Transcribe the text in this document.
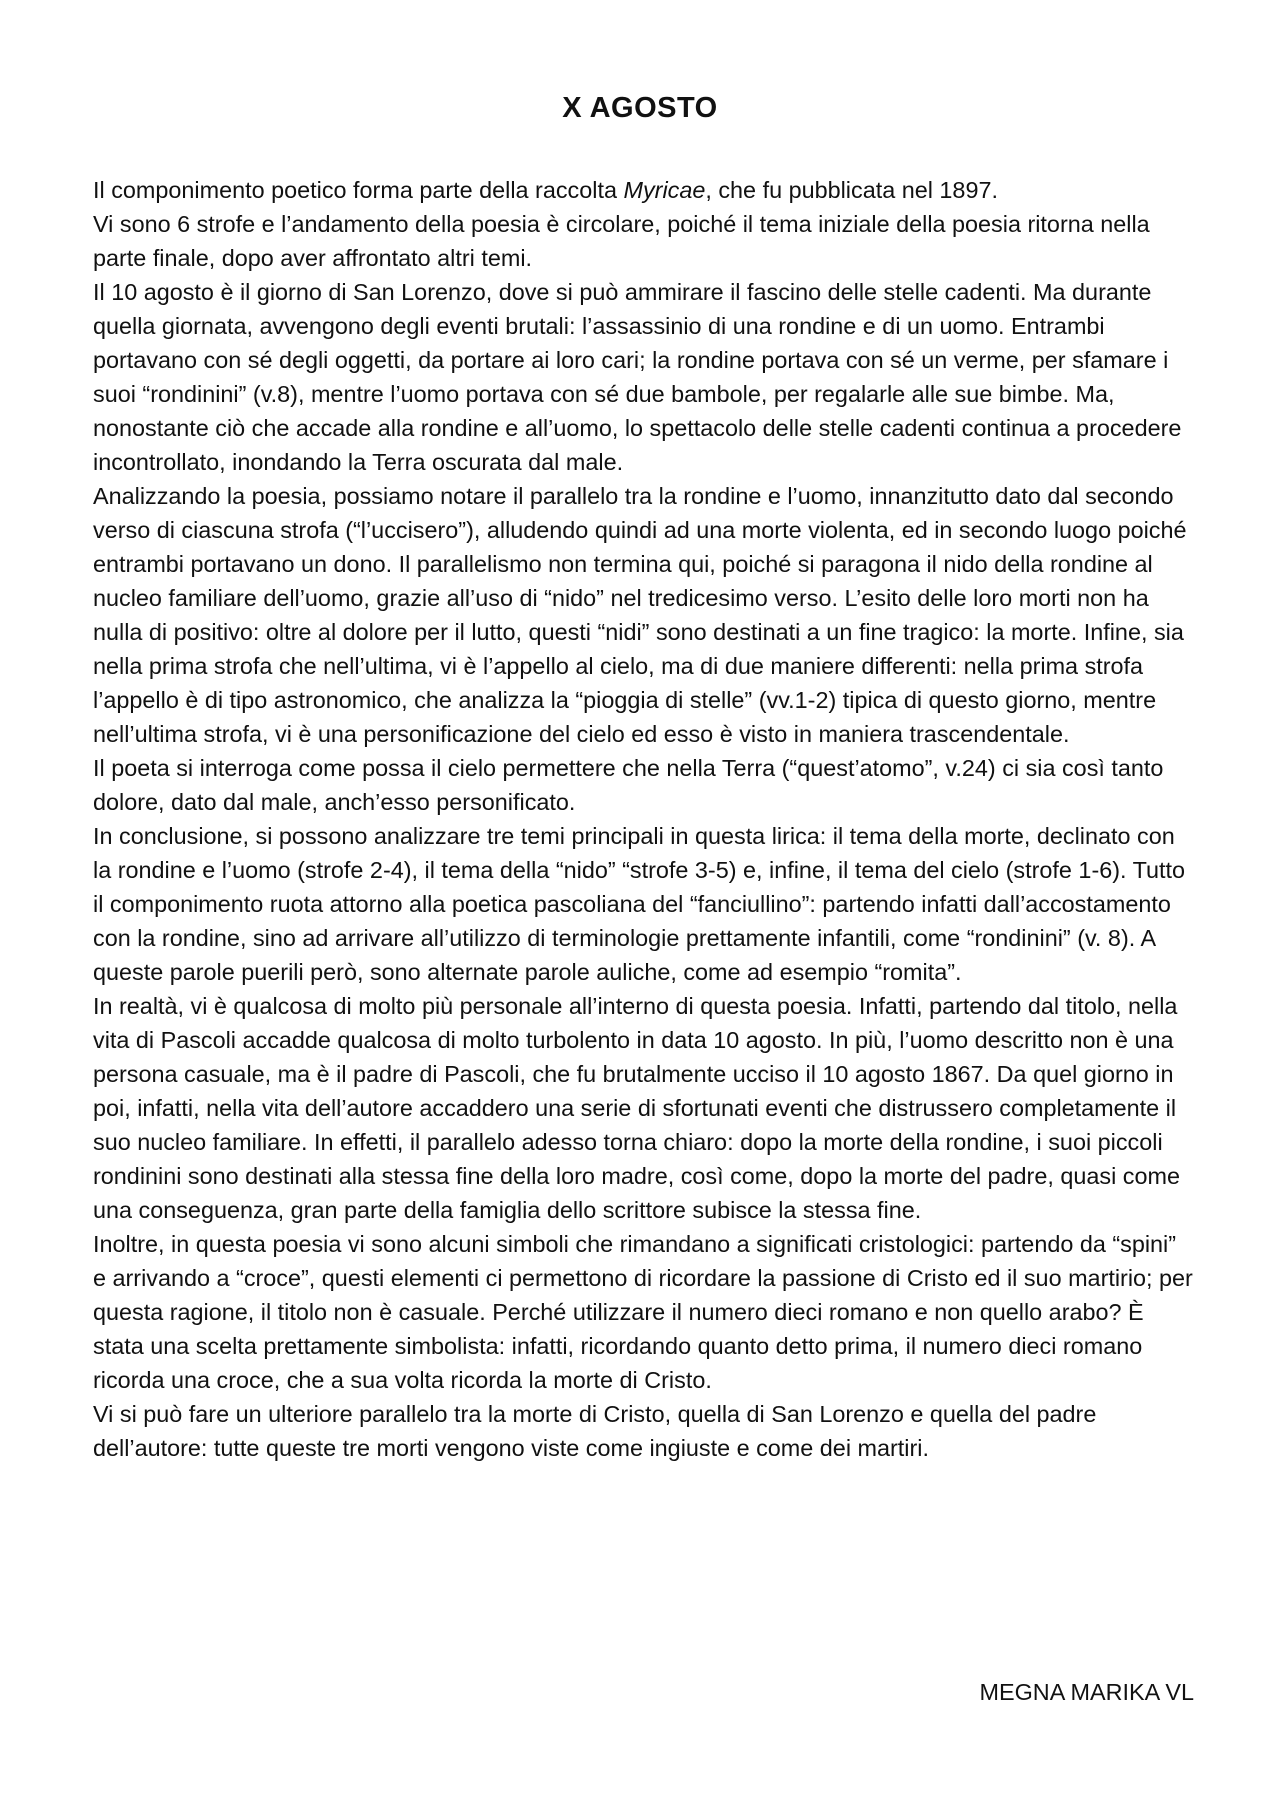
X AGOSTO

Il componimento poetico forma parte della raccolta Myricae, che fu pubblicata nel 1897.

Vi sono 6 strofe e l’andamento della poesia è circolare, poiché il tema iniziale della poesia ritorna nella parte finale, dopo aver affrontato altri temi.

Il 10 agosto è il giorno di San Lorenzo, dove si può ammirare il fascino delle stelle cadenti. Ma durante quella giornata, avvengono degli eventi brutali: l’assassinio di una rondine e di un uomo. Entrambi portavano con sé degli oggetti, da portare ai loro cari; la rondine portava con sé un verme, per sfamare i suoi “rondinini” (v.8), mentre l’uomo portava con sé due bambole, per regalarle alle sue bimbe. Ma, nonostante ciò che accade alla rondine e all’uomo, lo spettacolo delle stelle cadenti continua a procedere incontrollato, inondando la Terra oscurata dal male.

Analizzando la poesia, possiamo notare il parallelo tra la rondine e l’uomo, innanzitutto dato dal secondo verso di ciascuna strofa (“l’uccisero”), alludendo quindi ad una morte violenta, ed in secondo luogo poiché entrambi portavano un dono. Il parallelismo non termina qui, poiché si paragona il nido della rondine al nucleo familiare dell’uomo, grazie all’uso di “nido” nel tredicesimo verso. L’esito delle loro morti non ha nulla di positivo: oltre al dolore per il lutto, questi “nidi” sono destinati a un fine tragico: la morte. Infine, sia nella prima strofa che nell’ultima, vi è l’appello al cielo, ma di due maniere differenti: nella prima strofa l’appello è di tipo astronomico, che analizza la “pioggia di stelle” (vv.1-2) tipica di questo giorno, mentre nell’ultima strofa, vi è una personificazione del cielo ed esso è visto in maniera trascendentale.

Il poeta si interroga come possa il cielo permettere che nella Terra (“quest’atomo”, v.24) ci sia così tanto dolore, dato dal male, anch’esso personificato.

In conclusione, si possono analizzare tre temi principali in questa lirica: il tema della morte, declinato con la rondine e l’uomo (strofe 2-4), il tema della “nido” “strofe 3-5) e, infine, il tema del cielo (strofe 1-6). Tutto il componimento ruota attorno alla poetica pascoliana del “fanciullino”: partendo infatti dall’accostamento con la rondine, sino ad arrivare all’utilizzo di terminologie prettamente infantili, come “rondinini” (v. 8). A queste parole puerili però, sono alternate parole auliche, come ad esempio “romita”.

In realtà, vi è qualcosa di molto più personale all’interno di questa poesia. Infatti, partendo dal titolo, nella vita di Pascoli accadde qualcosa di molto turbolento in data 10 agosto. In più, l’uomo descritto non è una persona casuale, ma è il padre di Pascoli, che fu brutalmente ucciso il 10 agosto 1867. Da quel giorno in poi, infatti, nella vita dell’autore accaddero una serie di sfortunati eventi che distrussero completamente il suo nucleo familiare. In effetti, il parallelo adesso torna chiaro: dopo la morte della rondine, i suoi piccoli rondinini sono destinati alla stessa fine della loro madre, così come, dopo la morte del padre, quasi come una conseguenza, gran parte della famiglia dello scrittore subisce la stessa fine.

Inoltre, in questa poesia vi sono alcuni simboli che rimandano a significati cristologici: partendo da “spini” e arrivando a “croce”, questi elementi ci permettono di ricordare la passione di Cristo ed il suo martirio; per questa ragione, il titolo non è casuale. Perché utilizzare il numero dieci romano e non quello arabo? È stata una scelta prettamente simbolista: infatti, ricordando quanto detto prima, il numero dieci romano ricorda una croce, che a sua volta ricorda la morte di Cristo.

Vi si può fare un ulteriore parallelo tra la morte di Cristo, quella di San Lorenzo e quella del padre dell’autore: tutte queste tre morti vengono viste come ingiuste e come dei martiri.

MEGNA MARIKA VL
